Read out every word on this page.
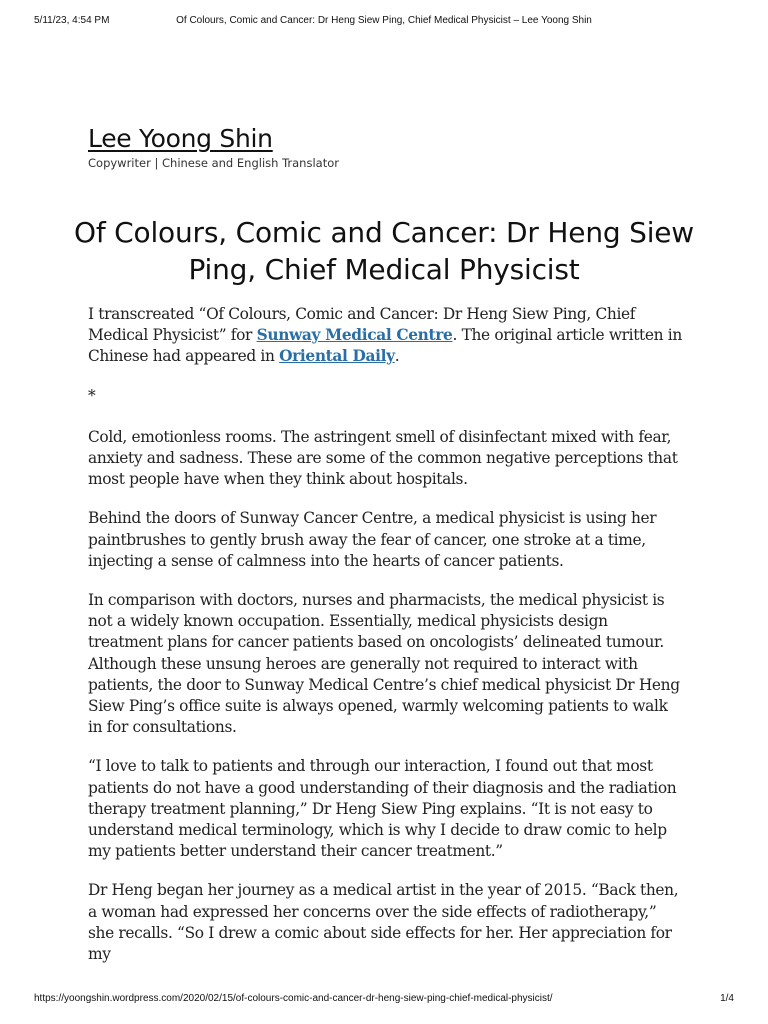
5/11/23, 4:54 PM	Of Colours, Comic and Cancer: Dr Heng Siew Ping, Chief Medical Physicist – Lee Yoong Shin
Lee Yoong Shin
Copywriter | Chinese and English Translator
Of Colours, Comic and Cancer: Dr Heng Siew Ping, Chief Medical Physicist

I transcreated “Of Colours, Comic and Cancer: Dr Heng Siew Ping, Chief Medical Physicist” for Sunway Medical Centre. The original article written in Chinese had appeared in Oriental Daily.

*

Cold, emotionless rooms. The astringent smell of disinfectant mixed with fear, anxiety and sadness. These are some of the common negative perceptions that most people have when they think about hospitals.

Behind the doors of Sunway Cancer Centre, a medical physicist is using her paintbrushes to gently brush away the fear of cancer, one stroke at a time, injecting a sense of calmness into the hearts of cancer patients.

In comparison with doctors, nurses and pharmacists, the medical physicist is not a widely known occupation. Essentially, medical physicists design treatment plans for cancer patients based on oncologists’ delineated tumour. Although these unsung heroes are generally not required to interact with patients, the door to Sunway Medical Centre’s chief medical physicist Dr Heng Siew Ping’s office suite is always opened, warmly welcoming patients to walk in for consultations.

“I love to talk to patients and through our interaction, I found out that most patients do not have a good understanding of their diagnosis and the radiation therapy treatment planning,” Dr Heng Siew Ping explains. “It is not easy to understand medical terminology, which is why I decide to draw comic to help my patients better understand their cancer treatment.”

Dr Heng began her journey as a medical artist in the year of 2015. “Back then, a woman had expressed her concerns over the side effects of radiotherapy,” she recalls. “So I drew a comic about side effects for her. Her appreciation for my

https://yoongshin.wordpress.com/2020/02/15/of-colours-comic-and-cancer-dr-heng-siew-ping-chief-medical-physicist/	1/4
